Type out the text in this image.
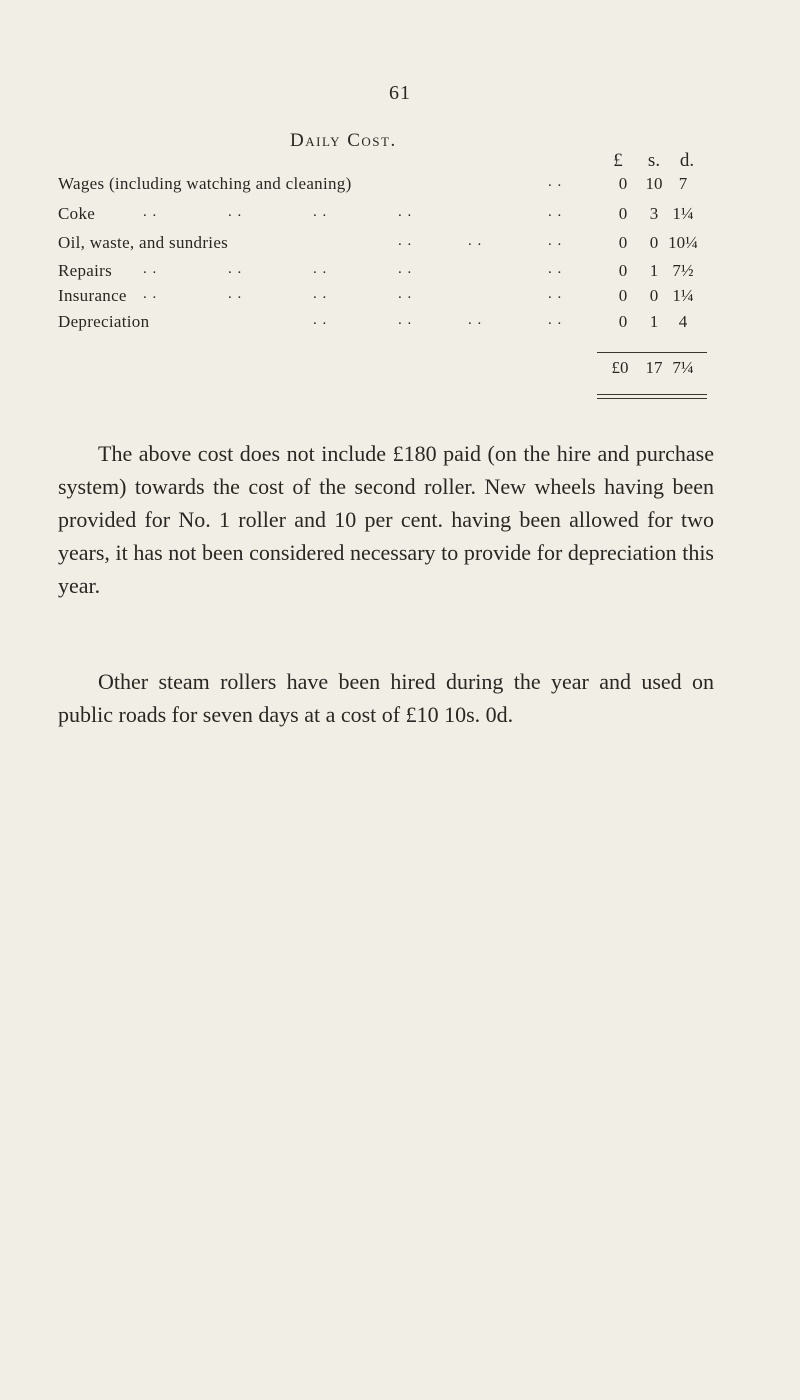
61
Daily Cost.
£	s.	d.
Wages (including watching and cleaning)	. .	0	10 7
Coke	. .	. .	. .	. .	. .	0	3 1¼
Oil, waste, and sundries	. .	. .	. .	0	0 10¼
Repairs . .	. .	. .	. .	. .	0	1 7½
Insurance . .	. .	. .	. .	. .	0	0 1¼
Depreciation	. .	. .	. .	. .	0	1	4
£0	17 7¼

The above cost does not include £180 paid (on the hire and purchase system) towards the cost of the second roller. New wheels having been provided for No. 1 roller and 10 per cent. having been allowed for two years, it has not been considered necessary to provide for depreciation this year.

Other steam rollers have been hired during the year and used on public roads for seven days at a cost of £10 10s. 0d.
